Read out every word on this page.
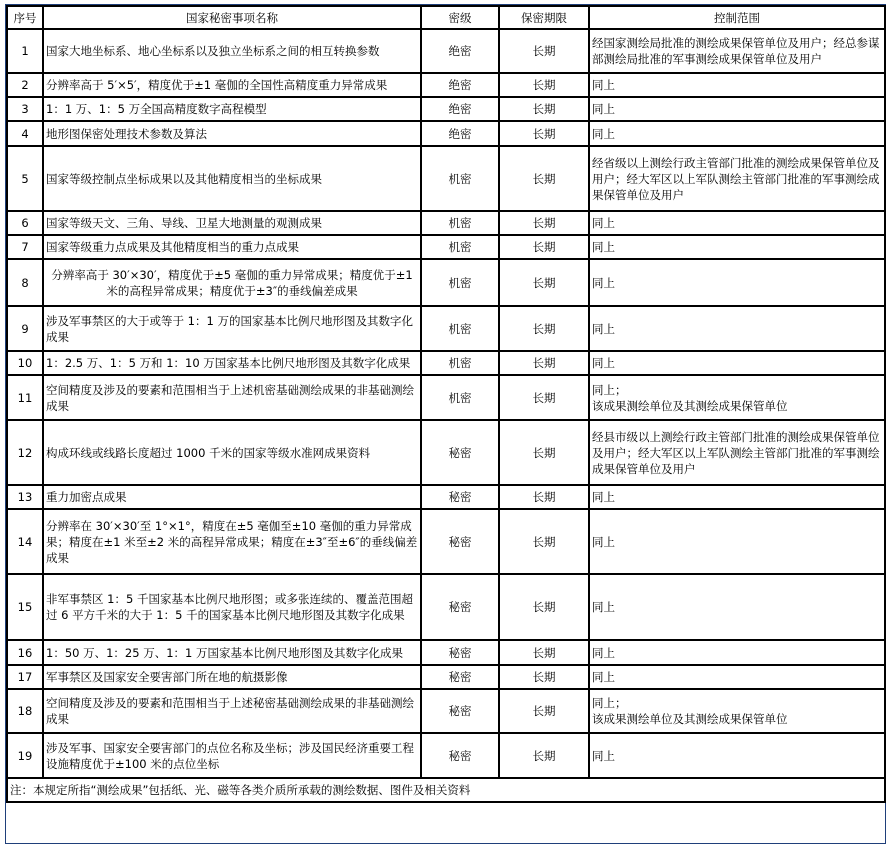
序号	国家秘密事项名称	密级	保密期限	控制范围
1	国家大地坐标系、地心坐标系以及独立坐标系之间的相互转换参数	绝密	长期	经国家测绘局批准的测绘成果保管单位及用户；经总参谋部测绘局批准的军事测绘成果保管单位及用户

2	分辨率高于 5′×5′，精度优于±1 毫伽的全国性高精度重力异常成果	绝密	长期	同上

3	1：1 万、1：5 万全国高精度数字高程模型	绝密	长期	同上

4	地形图保密处理技术参数及算法	绝密	长期	同上

5	国家等级控制点坐标成果以及其他精度相当的坐标成果	机密	长期	经省级以上测绘行政主管部门批准的测绘成果保管单位及用户；经大军区以上军队测绘主管部门批准的军事测绘成果保管单位及用户

6	国家等级天文、三角、导线、卫星大地测量的观测成果	机密	长期	同上

7	国家等级重力点成果及其他精度相当的重力点成果	机密	长期	同上

8	分辨率高于 30′×30′，精度优于±5 毫伽的重力异常成果；精度优于±1 米的高程异常成果；精度优于±3″的垂线偏差成果	机密	长期	同上

9	涉及军事禁区的大于或等于 1：1 万的国家基本比例尺地形图及其数字化成果	机密	长期	同上

10	1：2.5 万、1：5 万和 1：10 万国家基本比例尺地形图及其数字化成果	机密	长期	同上

11	空间精度及涉及的要素和范围相当于上述机密基础测绘成果的非基础测绘成果	机密	长期	同上；
该成果测绘单位及其测绘成果保管单位

12	构成环线或线路长度超过 1000 千米的国家等级水准网成果资料	秘密	长期	经县市级以上测绘行政主管部门批准的测绘成果保管单位及用户；经大军区以上军队测绘主管部门批准的军事测绘成果保管单位及用户

13	重力加密点成果	秘密	长期	同上

14	分辨率在 30′×30′至 1°×1°，精度在±5 毫伽至±10 毫伽的重力异常成果；精度在±1 米至±2 米的高程异常成果；精度在±3″至±6″的垂线偏差成果	秘密	长期	同上

15	非军事禁区 1：5 千国家基本比例尺地形图；或多张连续的、覆盖范围超过 6 平方千米的大于 1：5 千的国家基本比例尺地形图及其数字化成果	秘密	长期	同上

16	1：50 万、1：25 万、1：1 万国家基本比例尺地形图及其数字化成果	秘密	长期	同上

17	军事禁区及国家安全要害部门所在地的航摄影像	秘密	长期	同上

18	空间精度及涉及的要素和范围相当于上述秘密基础测绘成果的非基础测绘成果	秘密	长期	同上；
该成果测绘单位及其测绘成果保管单位

19	涉及军事、国家安全要害部门的点位名称及坐标；涉及国民经济重要工程设施精度优于±100 米的点位坐标	秘密	长期	同上

注：本规定所指“测绘成果”包括纸、光、磁等各类介质所承载的测绘数据、图件及相关资料				
